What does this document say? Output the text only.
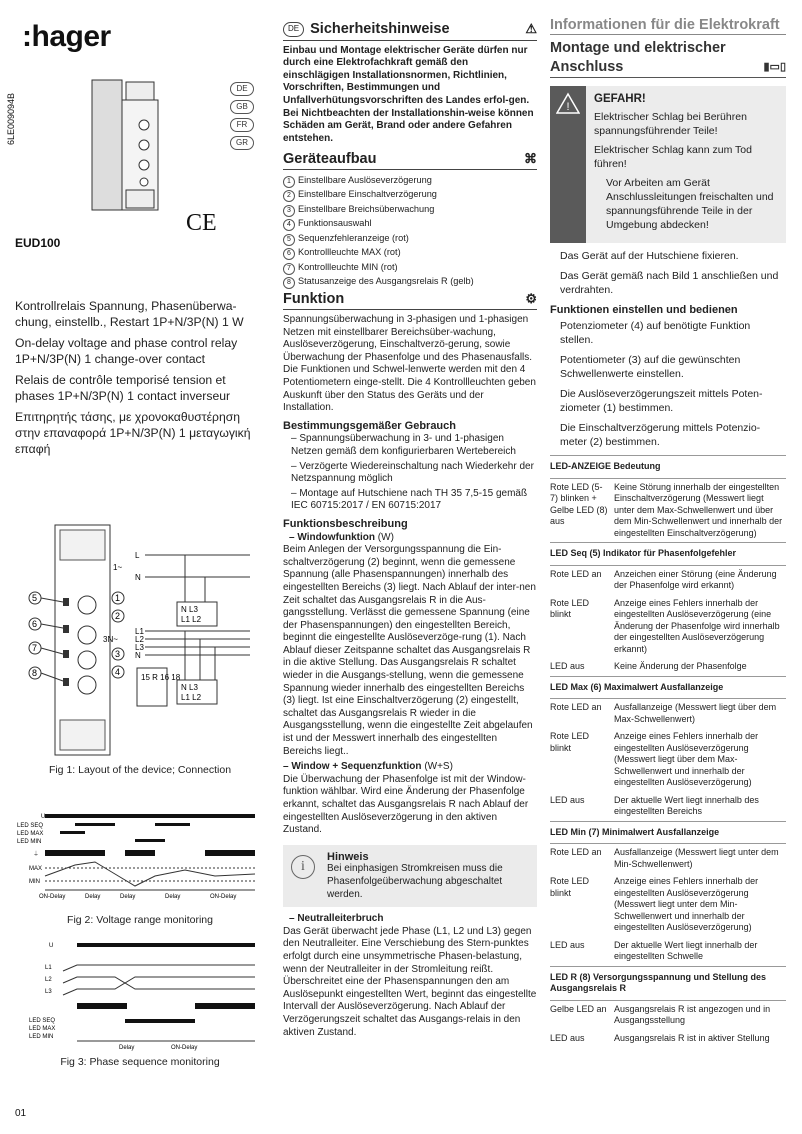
:hager
6LE009094B
DE
GB
FR
GR
CE
EUD100

Kontrollrelais Spannung, Phasenüberwa-chung, einstellb., Restart 1P+N/3P(N) 1 W

On-delay voltage and phase control relay 1P+N/3P(N) 1 change-over contact

Relais de contrôle temporisé tension et phases 1P+N/3P(N) 1 contact inverseur

Επιτηρητής τάσης, με χρονοκαθυστέρηση στην επαναφορά 1P+N/3P(N) 1 μεταγωγική επαφή

5
6
7
8
1
2
3
4
1~
3N~
L
N
L1
L2
L3
N
N L3
L1 L2
N L3
L1 L2
15 R 16 18
Fig 1: Layout of the device; Connection
U
LED SEQ
LED MAX
LED MIN
⏚
MAX
MIN
ON-Delay	Delay	Delay	Delay	ON-Delay
Fig 2: Voltage range monitoring
U
L1
L2
L3
LED SEQ
LED MAX
LED MIN
Delay	ON-Delay
Fig 3: Phase sequence monitoring
01
DE Sicherheitshinweise	⚠

Einbau und Montage elektrischer Geräte dürfen nur durch eine Elektrofachkraft gemäß den einschlägigen Installationsnormen, Richtlinien, Vorschriften, Bestimmungen und Unfallverhütungsvorschriften des Landes erfol-gen. Bei Nichtbeachten der Installationshin-weise können Schäden am Gerät, Brand oder andere Gefahren entstehen.

Geräteaufbau	⌘
1 Einstellbare Auslöseverzögerung
2 Einstellbare Einschaltverzögerung
3 Einstellbare Breichsüberwachung
4 Funktionsauswahl
5 Sequenzfehleranzeige (rot)
6 Kontrollleuchte MAX (rot)
7 Kontrollleuchte MIN (rot)
8 Statusanzeige des Ausgangsrelais R (gelb)
Funktion	⚙

Spannungsüberwachung in 3-phasigen und 1-phasigen Netzen mit einstellbarer Bereichsüber-wachung, Auslöseverzögerung, Einschaltverzö-gerung, sowie Überwachung der Phasenfolge und des Phasenausfalls. Die Funktionen und Schwel-lenwerte werden mit den 4 Potentiometern einge-stellt. Die 4 Kontrollleuchten geben Auskunft über den Status des Geräts und der Installation.

Bestimmungsgemäßer Gebrauch
– Spannungsüberwachung in 3- und 1-phasigen Netzen gemäß dem konfigurierbaren Wertebereich
– Verzögerte Wiedereinschaltung nach Wiederkehr der Netzspannung möglich
– Montage auf Hutschiene nach TH 35 7,5-15 gemäß IEC 60715:2017 / EN 60715:2017
Funktionsbeschreibung
– Windowfunktion (W)

Beim Anlegen der Versorgungsspannung die Ein-schaltverzögerung (2) beginnt, wenn die gemessene Spannung (alle Phasenspannungen) innerhalb des eingestellten Bereichs (3) liegt. Nach Ablauf der inter-nen Zeit schaltet das Ausgangsrelais R in die Aus-gangsstellung. Verlässt die gemessene Spannung (eine der Phasenspannungen) den eingestellten Bereich, beginnt die eingestellte Auslöseverzöge-rung (1). Nach Ablauf dieser Zeitspanne schaltet das Ausgangsrelais R in die aktive Stellung. Das Ausgangsrelais R schaltet wieder in die Ausgangs-stellung, wenn die gemessene Spannung wieder innerhalb des eingestellten Bereichs (3) liegt. Ist eine Einschaltverzögerung (2) eingestellt, schaltet das Ausgangsrelais R wieder in die Ausgangsstellung, wenn die eingestellte Zeit abgelaufen ist und der Messwert innerhalb des eingestellten Bereichs liegt..

– Window + Sequenzfunktion (W+S)

Die Überwachung der Phasenfolge ist mit der Window-funktion wählbar. Wird eine Änderung der Phasenfolge erkannt, schaltet das Ausgangsrelais R nach Ablauf der eingestellten Auslöseverzögerung in den aktiven Zustand.

i
Hinweis
Bei einphasigen Stromkreisen muss die Phasenfolgeüberwachung abgeschaltet werden.
– Neutralleiterbruch

Das Gerät überwacht jede Phase (L1, L2 und L3) gegen den Neutralleiter. Eine Verschiebung des Stern-punktes erfolgt durch eine unsymmetrische Phasen-belastung, wenn der Neutralleiter in der Stromleitung reißt. Überschreitet eine der Phasenspannungen den am Auslösepunkt eingestellten Wert, beginnt das eingestellte Intervall der Auslöseverzögerung. Nach Ablauf der Verzögerungszeit schaltet das Ausgangs-relais in den aktiven Zustand.

Informationen für die Elektrokraft
Montage und elektrischer Anschluss	▮▭▯
!
GEFAHR!

Elektrischer Schlag bei Berühren spannungsführender Teile!

Elektrischer Schlag kann zum Tod führen!

Vor Arbeiten am Gerät Anschlussleitungen freischalten und spannungsführende Teile in der Umgebung abdecken!

Das Gerät auf der Hutschiene fixieren.

Das Gerät gemäß nach Bild 1 anschließen und verdrahten.

Funktionen einstellen und bedienen

Potenziometer (4) auf benötigte Funktion stellen.

Potentiometer (3) auf die gewünschten Schwellenwerte einstellen.

Die Auslöseverzögerungszeit mittels Poten-ziometer (1) bestimmen.

Die Einschaltverzögerung mittels Potenzio-meter (2) bestimmen.

LED-ANZEIGE Bedeutung	
Rote LED (5-7) blinken + Gelbe LED (8) aus	Keine Störung innerhalb der eingestellten Einschaltverzögerung (Messwert liegt unter dem Max-Schwellenwert und über dem Min-Schwellenwert und innerhalb der eingestellten Einschaltverzögerung)
LED Seq (5) Indikator für Phasenfolgefehler	
Rote LED an	Anzeichen einer Störung (eine Änderung der Phasenfolge wird erkannt)
Rote LED blinkt	Anzeige eines Fehlers innerhalb der eingestellten Auslöseverzögerung (eine Änderung der Phasenfolge wird innerhalb der eingestellten Auslöseverzögerung erkannt)
LED aus	Keine Änderung der Phasenfolge
LED Max (6) Maximalwert Ausfallanzeige	
Rote LED an	Ausfallanzeige (Messwert liegt über dem Max-Schwellenwert)
Rote LED blinkt	Anzeige eines Fehlers innerhalb der eingestellten Auslöseverzögerung (Messwert liegt über dem Max-Schwellenwert und innerhalb der eingestellten Auslöseverzögerung)
LED aus	Der aktuelle Wert liegt innerhalb des eingestellten Bereichs
LED Min (7) Minimalwert Ausfallanzeige	
Rote LED an	Ausfallanzeige (Messwert liegt unter dem Min-Schwellenwert)
Rote LED blinkt	Anzeige eines Fehlers innerhalb der eingestellten Auslöseverzögerung (Messwert liegt unter dem Min-Schwellenwert und innerhalb der eingestellten Auslöseverzögerung)
LED aus	Der aktuelle Wert liegt innerhalb der eingestellten Schwelle
LED R (8) Versorgungsspannung und Stellung des Ausgangsrelais R	
Gelbe LED an	Ausgangsrelais R ist angezogen und in Ausgangsstellung
LED aus	Ausgangsrelais R ist in aktiver Stellung
